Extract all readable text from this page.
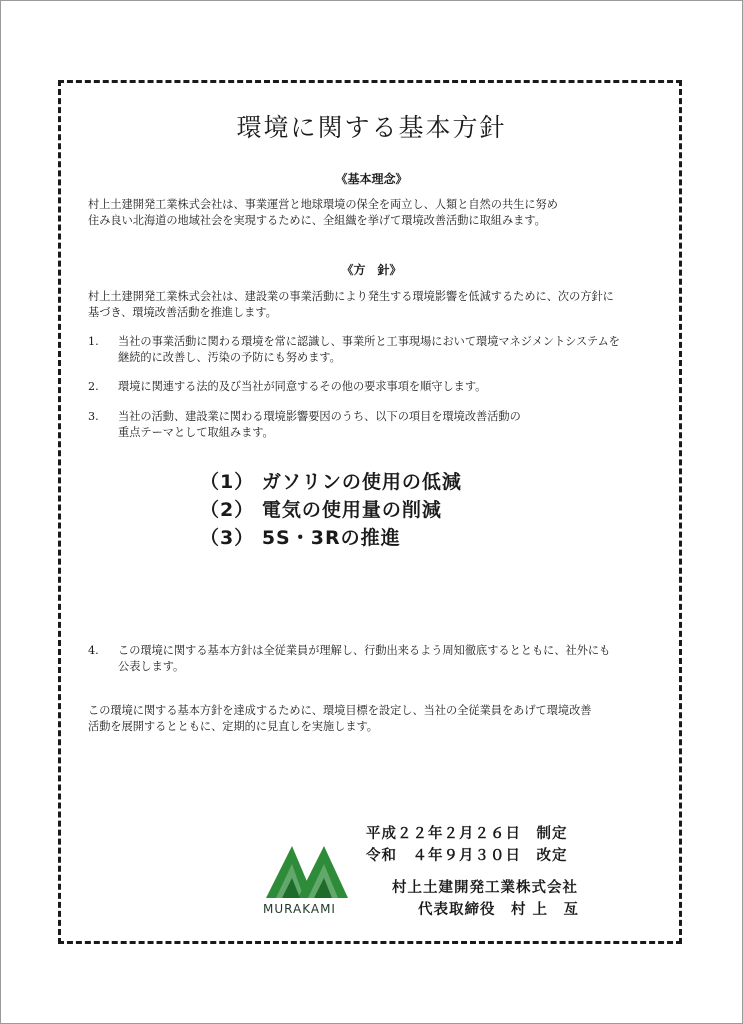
環境に関する基本方針
《基本理念》
村上土建開発工業株式会社は、事業運営と地球環境の保全を両立し、人類と自然の共生に努め
住み良い北海道の地域社会を実現するために、全組織を挙げて環境改善活動に取組みます。
《方　針》
村上土建開発工業株式会社は、建設業の事業活動により発生する環境影響を低減するために、次の方針に
基づき、環境改善活動を推進します。
1.	当社の事業活動に関わる環境を常に認識し、事業所と工事現場において環境マネジメントシステムを
継続的に改善し、汚染の予防にも努めます。
2.	環境に関連する法的及び当社が同意するその他の要求事項を順守します。
3.	当社の活動、建設業に関わる環境影響要因のうち、以下の項目を環境改善活動の
重点テーマとして取組みます。
（1） ガソリンの使用の低減
（2） 電気の使用量の削減
（3） 5S・3Rの推進
4.	この環境に関する基本方針は全従業員が理解し、行動出来るよう周知徹底するとともに、社外にも
公表します。
この環境に関する基本方針を達成するために、環境目標を設定し、当社の全従業員をあげて環境改善
活動を展開するとともに、定期的に見直しを実施します。
平成２２年２月２６日　制定
令和　４年９月３０日　改定
村上土建開発工業株式会社
代表取締役　村 上　亙
MURAKAMI
